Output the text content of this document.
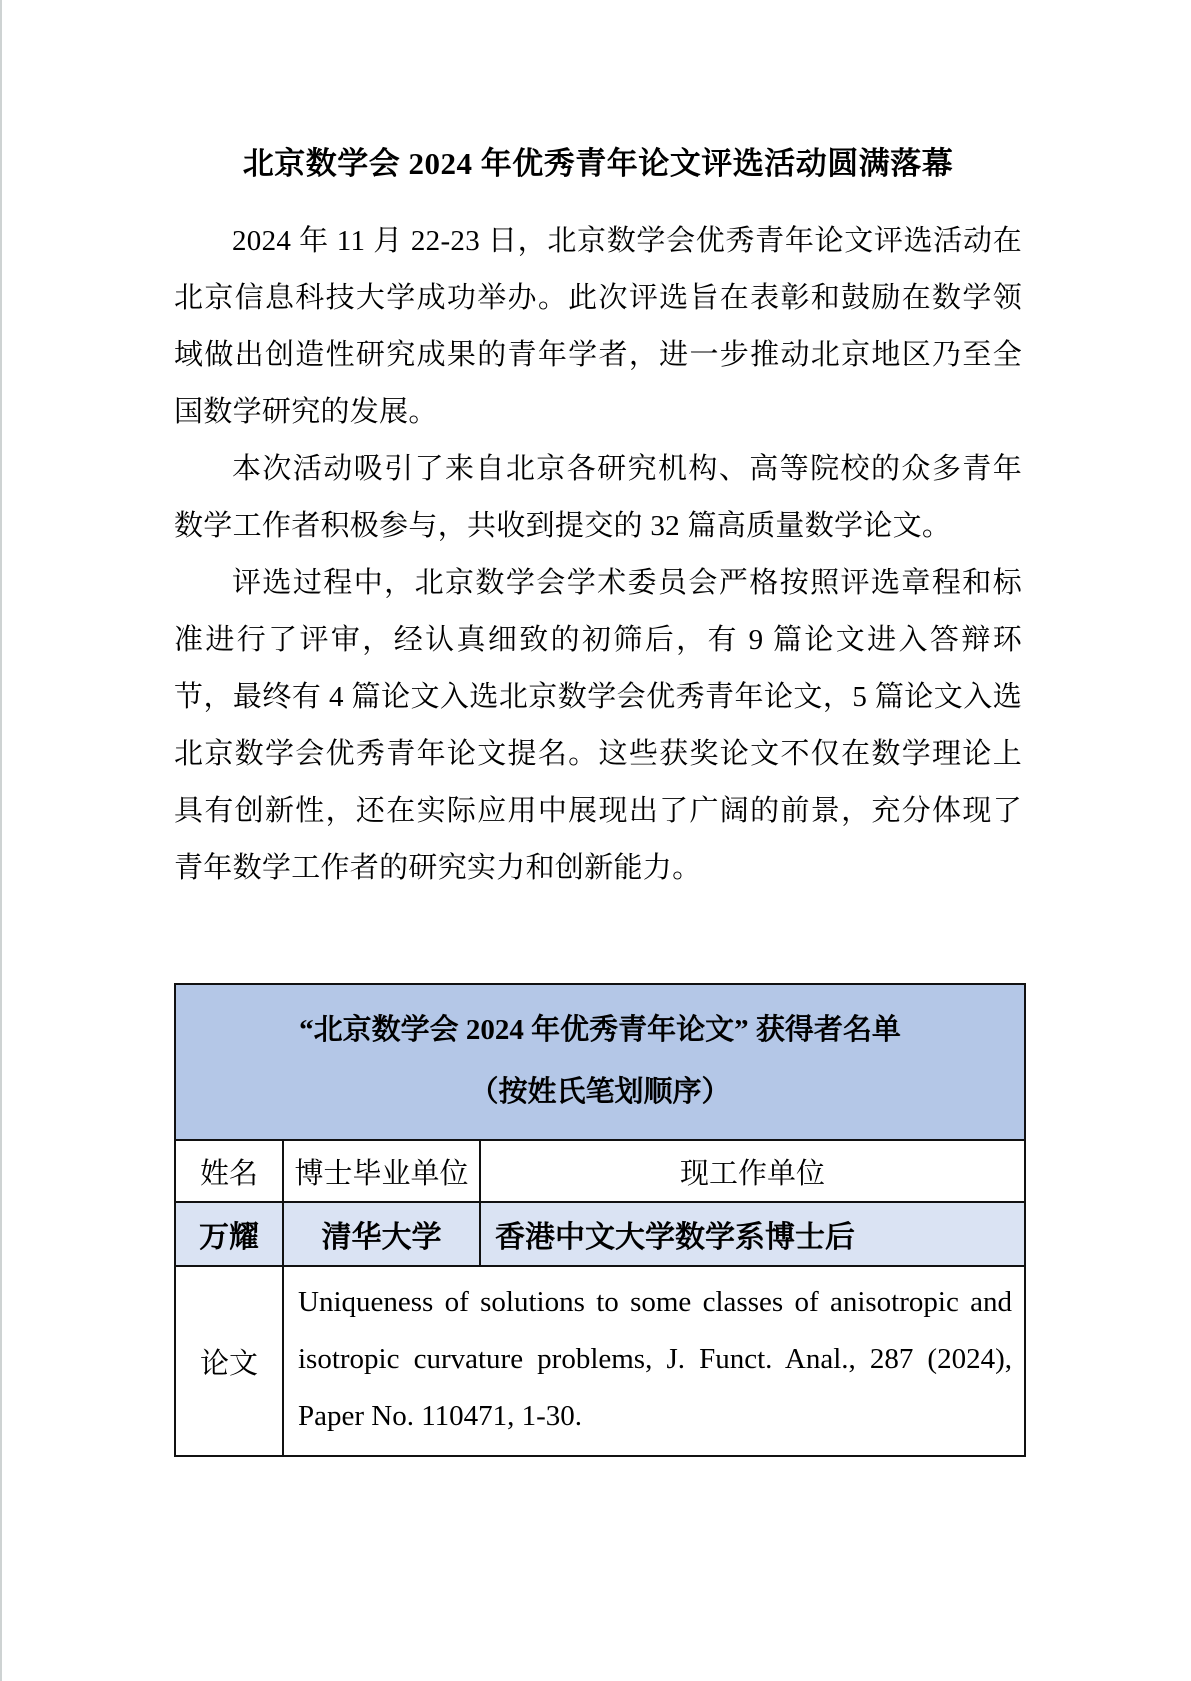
北京数学会 2024 年优秀青年论文评选活动圆满落幕

2024 年 11 月 22-23 日，北京数学会优秀青年论文评选活动在北京信息科技大学成功举办。此次评选旨在表彰和鼓励在数学领域做出创造性研究成果的青年学者，进一步推动北京地区乃至全国数学研究的发展。

本次活动吸引了来自北京各研究机构、高等院校的众多青年数学工作者积极参与，共收到提交的 32 篇高质量数学论文。

评选过程中，北京数学会学术委员会严格按照评选章程和标准进行了评审，经认真细致的初筛后，有 9 篇论文进入答辩环节，最终有 4 篇论文入选北京数学会优秀青年论文，5 篇论文入选北京数学会优秀青年论文提名。这些获奖论文不仅在数学理论上具有创新性，还在实际应用中展现出了广阔的前景，充分体现了青年数学工作者的研究实力和创新能力。

“北京数学会 2024 年优秀青年论文” 获得者名单
（按姓氏笔划顺序）		

姓名	博士毕业单位	现工作单位
万耀	清华大学	香港中文大学数学系博士后
论文	Uniqueness of solutions to some classes of anisotropic and isotropic curvature problems, J. Funct. Anal., 287 (2024), Paper No. 110471, 1-30.	
